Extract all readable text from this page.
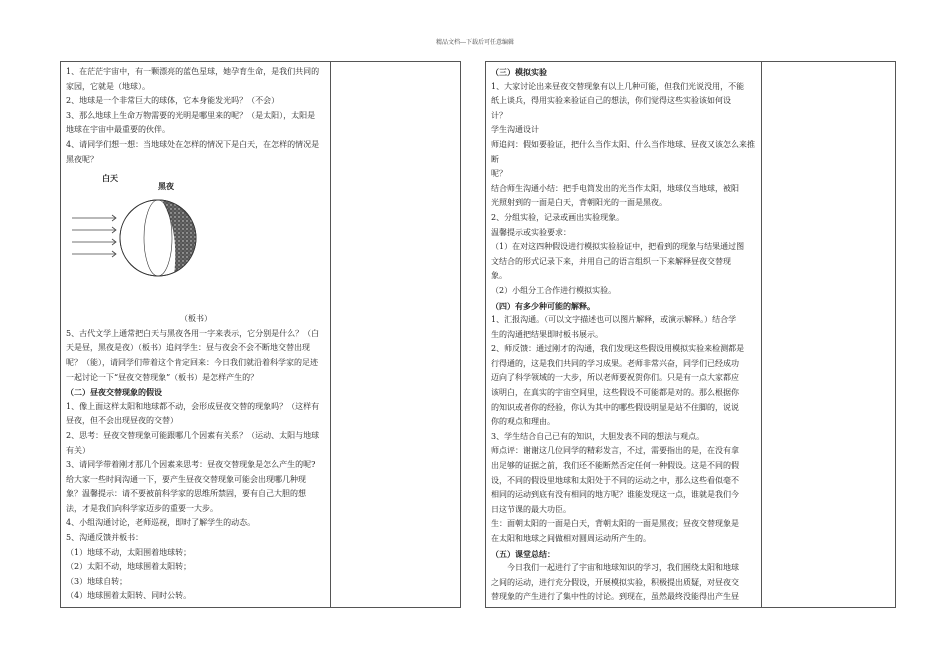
精品文档---下载后可任意编辑

1、在茫茫宇宙中，有一颗漂亮的蓝色星球，她孕育生命，是我们共同的

家园，它就是（地球）。

2、地球是一个非常巨大的球体，它本身能发光吗？（不会）

3、那么地球上生命万物需要的光明是哪里来的呢？（是太阳），太阳是

地球在宇宙中最重要的伙伴。

4、请同学们想一想：当地球处在怎样的情况下是白天，在怎样的情况是

黑夜呢？

白天
黑夜

（板书）

5、古代文学上通常把白天与黑夜各用一字来表示，它分别是什么？（白

天是昼，黑夜是夜）（板书）追问学生：昼与夜会不会不断地交替出现

呢？（能），请同学们带着这个肯定回来：今日我们就沿着科学家的足迹

一起讨论一下“昼夜交替现象”（板书）是怎样产生的？

（二）昼夜交替现象的假设

1、像上面这样太阳和地球都不动，会形成昼夜交替的现象吗？（这样有

昼夜，但不会出现昼夜的交替）

2、思考：昼夜交替现象可能跟哪几个因素有关系？（运动、太阳与地球

有关）

3、请同学带着刚才那几个因素来思考：昼夜交替现象是怎么产生的呢?

给大家一些时间沟通一下，要产生昼夜交替现象可能会出现哪几种现

象？温馨提示：请不要被前科学家的思维所禁固，要有自己大胆的想

法，才是我们向科学家迈步的重要一大步。

4、小组沟通讨论，老师巡视，即时了解学生的动态。

5、沟通反馈并板书：

（1）地球不动，太阳围着地球转；

（2）太阳不动，地球围着太阳转；

（3）地球自转；

（4）地球围着太阳转、同时公转。

（三）模拟实验

1、大家讨论出来昼夜交替现象有以上几种可能，但我们光说没用，不能

纸上谈兵，得用实验来验证自己的想法，你们觉得这些实验该如何设

计？

学生沟通设计

师追问：假如要验证，把什么当作太阳、什么当作地球、昼夜又该怎么来推断

呢？

结合师生沟通小结：把手电筒发出的光当作太阳，地球仪当地球，被阳

光照射到的一面是白天，背朝阳光的一面是黑夜。

2、分组实验，记录或画出实验现象。

温馨提示或实验要求：

（1）在对这四种假设进行模拟实验验证中，把看到的现象与结果通过图

文结合的形式记录下来，并用自己的语言组织一下来解释昼夜交替现

象。

（2）小组分工合作进行模拟实验。

（四）有多少种可能的解释。

1、汇报沟通。（可以文字描述也可以图片解释，或演示解释。）结合学

生的沟通把结果即时板书展示。

2、师反馈：通过刚才的沟通，我们发现这些假设用模拟实验来检测都是

行得通的，这是我们共同的学习成果。老师非常兴奋，同学们已经成功

迈向了科学领域的一大步，所以老师要祝贺你们。只是有一点大家都应

该明白，在真实的宇宙空间里，这些假设不可能都是对的。那么根据你

的知识或者你的经验，你认为其中的哪些假设明显是站不住脚的，说说

你的观点和理由。

3、学生结合自己已有的知识，大胆发表不同的想法与观点。

师点评：谢谢这几位同学的精彩发言，不过，需要指出的是，在没有拿

出足够的证据之前，我们还不能断然否定任何一种假设。这是不同的假

设，不同的假设里地球和太阳处于不同的运动之中，那么这些看似毫不

相同的运动到底有没有相同的地方呢？谁能发现这一点，谁就是我们今

日这节课的最大功臣。

生：面朝太阳的一面是白天，背朝太阳的一面是黑夜；昼夜交替现象是

在太阳和地球之间做相对圆周运动所产生的。

（五）课堂总结：

今日我们一起进行了宇宙和地球知识的学习，我们围绕太阳和地球

之间的运动，进行充分假设，开展模拟实验，积极提出质疑，对昼夜交

替现象的产生进行了集中性的讨论。到现在，虽然最终没能得出产生昼
